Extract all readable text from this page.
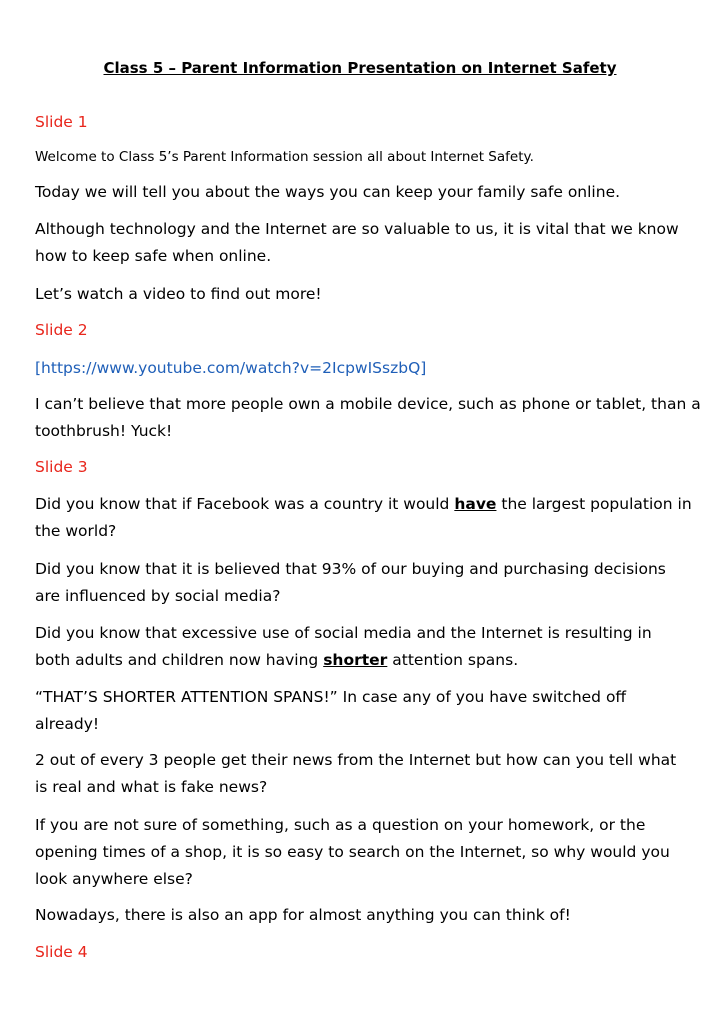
Class 5 – Parent Information Presentation on Internet Safety

Slide 1

Welcome to Class 5’s Parent Information session all about Internet Safety.

Today we will tell you about the ways you can keep your family safe online.

Although technology and the Internet are so valuable to us, it is vital that we know

how to keep safe when online.

Let’s watch a video to find out more!

Slide 2

[https://www.youtube.com/watch?v=2IcpwISszbQ]

I can’t believe that more people own a mobile device, such as phone or tablet, than a

toothbrush! Yuck!

Slide 3

Did you know that if Facebook was a country it would have the largest population in

the world?

Did you know that it is believed that 93% of our buying and purchasing decisions

are influenced by social media?

Did you know that excessive use of social media and the Internet is resulting in

both adults and children now having shorter attention spans.

“THAT’S SHORTER ATTENTION SPANS!” In case any of you have switched off

already!

2 out of every 3 people get their news from the Internet but how can you tell what

is real and what is fake news?

If you are not sure of something, such as a question on your homework, or the

opening times of a shop, it is so easy to search on the Internet, so why would you

look anywhere else?

Nowadays, there is also an app for almost anything you can think of!

Slide 4
